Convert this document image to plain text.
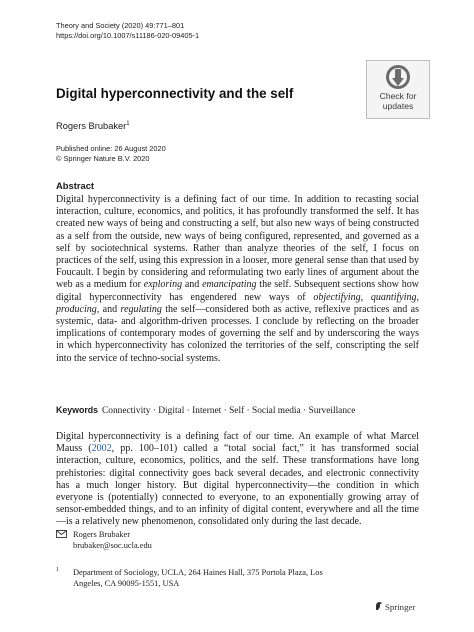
Theory and Society (2020) 49:771–801
https://doi.org/10.1007/s11186-020-09405-1
Check for
updates
Digital hyperconnectivity and the self
Rogers Brubaker$^1$
Published online: 26 August 2020
© Springer Nature B.V. 2020
Abstract
Digital hyperconnectivity is a defining fact of our time. In addition to recasting social interaction, culture, economics, and politics, it has profoundly transformed the self. It has created new ways of being and constructing a self, but also new ways of being constructed as a self from the outside, new ways of being configured, represented, and governed as a self by sociotechnical systems. Rather than analyze theories of the self, I focus on practices of the self, using this expression in a looser, more general sense than that used by Foucault. I begin by considering and reformulating two early lines of argument about the web as a medium for exploring and emancipating the self. Subsequent sections show how digital hyperconnectivity has engendered new ways of objectifying, quantifying, producing, and regulating the self—considered both as active, reflexive practices and as systemic, data- and algorithm-driven processes. I conclude by reflecting on the broader implications of contemporary modes of governing the self and by underscoring the ways in which hyperconnectivity has colonized the territories of the self, conscripting the self into the service of techno-social systems.
Keywords Connectivity · Digital · Internet · Self · Social media · Surveillance
Digital hyperconnectivity is a defining fact of our time. An example of what Marcel Mauss (2002, pp. 100–101) called a “total social fact,” it has transformed social interaction, culture, economics, politics, and the self. These transformations have long prehistories: digital connectivity goes back several decades, and electronic connectivity has a much longer history. But digital hyperconnectivity—the condition in which everyone is (potentially) connected to everyone, to an exponentially growing array of sensor-embedded things, and to an infinity of digital content, everywhere and all the time—is a relatively new phenomenon, consolidated only during the last decade.
Rogers Brubaker
brubaker@soc.ucla.edu
1 Department of Sociology, UCLA, 264 Haines Hall, 375 Portola Plaza, Los Angeles, CA 90095-1551, USA
Springer
